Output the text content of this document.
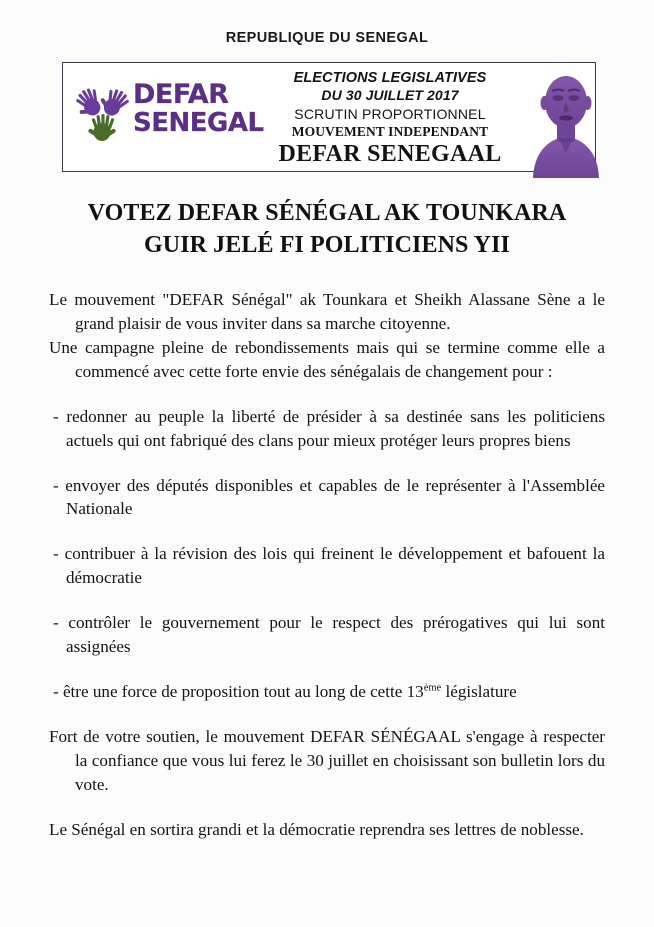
REPUBLIQUE DU SENEGAL
DEFAR
SENEGAL
ELECTIONS LEGISLATIVES
DU 30 JUILLET 2017
SCRUTIN PROPORTIONNEL
MOUVEMENT INDEPENDANT
DEFAR SENEGAAL
VOTEZ DEFAR SÉNÉGAL AK TOUNKARA
GUIR JELÉ FI POLITICIENS YII

Le mouvement "DEFAR Sénégal" ak Tounkara et Sheikh Alassane Sène a le grand plaisir de vous inviter dans sa marche citoyenne.

Une campagne pleine de rebondissements mais qui se termine comme elle a commencé avec cette forte envie des sénégalais de changement pour :

- redonner au peuple la liberté de présider à sa destinée sans les politiciens actuels qui ont fabriqué des clans pour mieux protéger leurs propres biens

- envoyer des députés disponibles et capables de le représenter à l'Assemblée Nationale

- contribuer à la révision des lois qui freinent le développement et bafouent la démocratie

- contrôler le gouvernement pour le respect des prérogatives qui lui sont assignées

- être une force de proposition tout au long de cette 13ème législature

Fort de votre soutien, le mouvement DEFAR SÉNÉGAAL s'engage à respecter la confiance que vous lui ferez le 30 juillet en choisissant son bulletin lors du vote.

Le Sénégal en sortira grandi et la démocratie reprendra ses lettres de noblesse.
